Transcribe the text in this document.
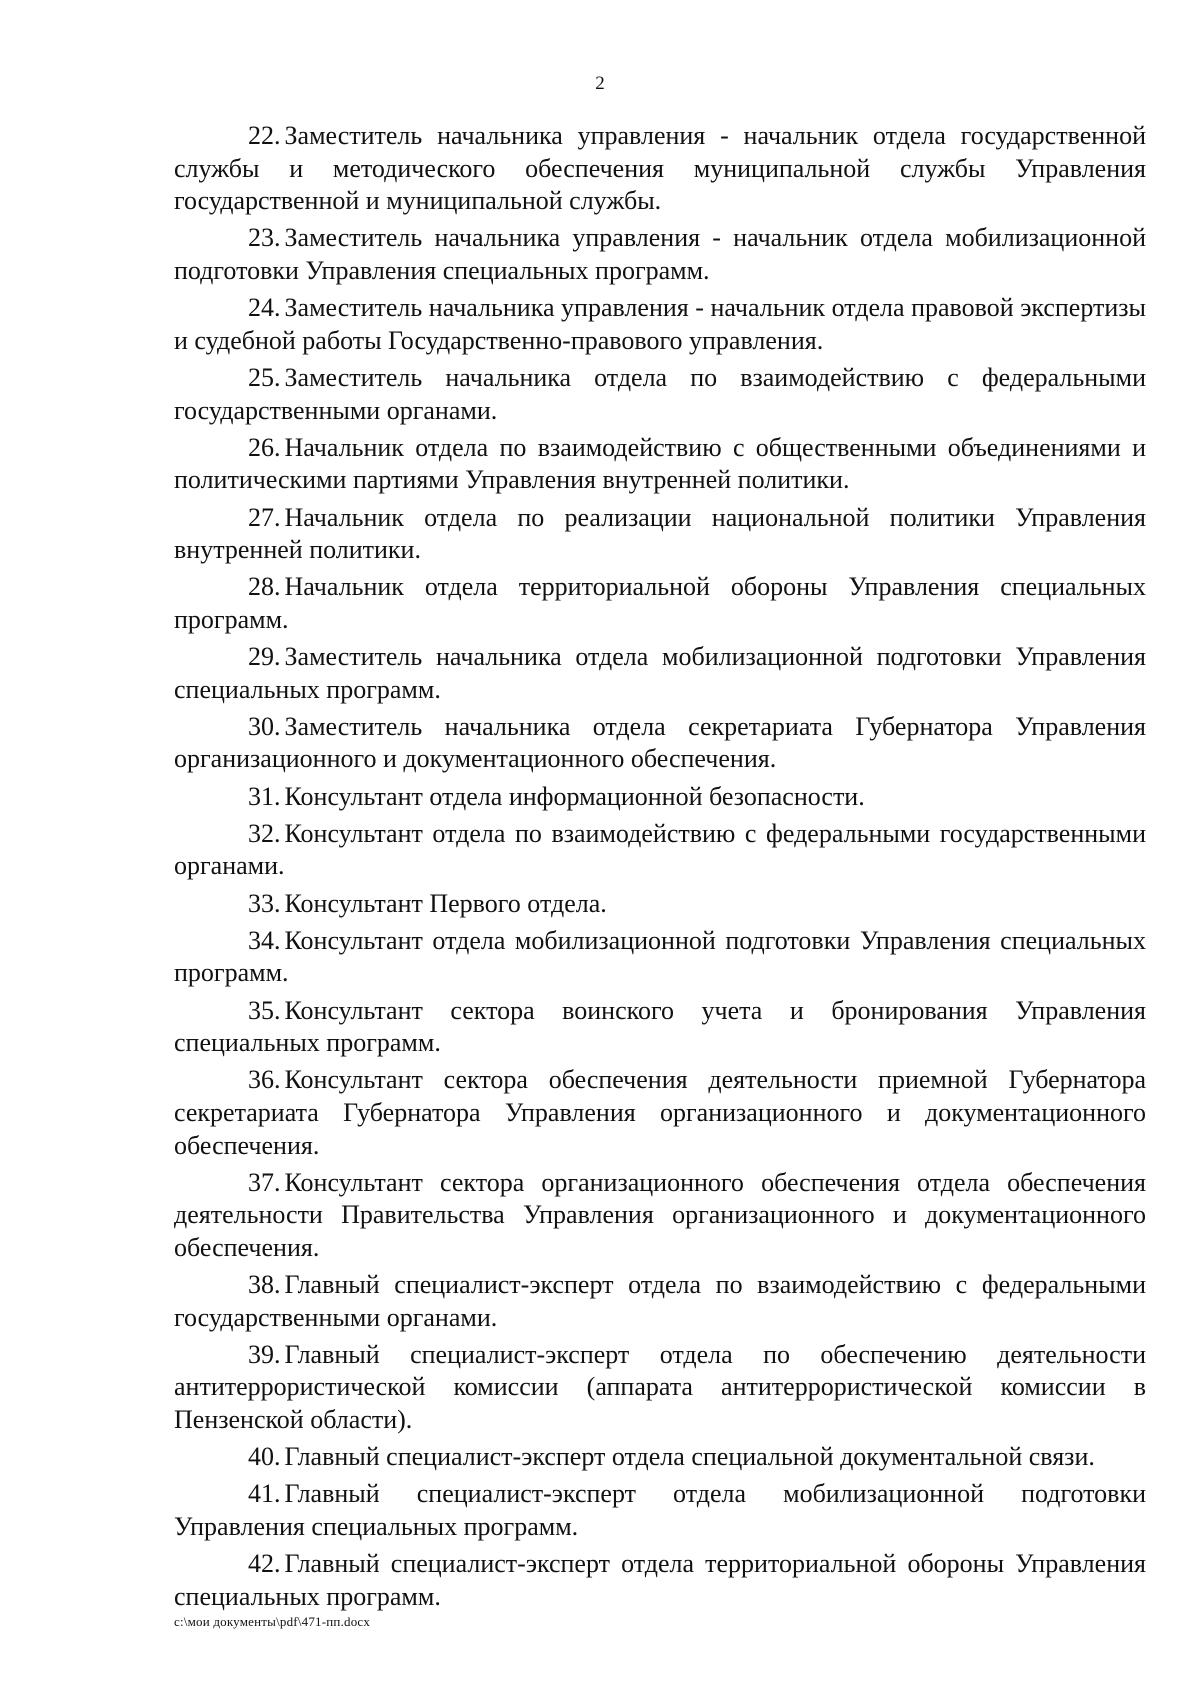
2

22. Заместитель начальника управления - начальник отдела государственной службы и методического обеспечения муниципальной службы Управления государственной и муниципальной службы.

23. Заместитель начальника управления - начальник отдела мобилизационной подготовки Управления специальных программ.

24. Заместитель начальника управления - начальник отдела правовой экспертизы и судебной работы Государственно-правового управления.

25. Заместитель начальника отдела по взаимодействию с федеральными государственными органами.

26. Начальник отдела по взаимодействию с общественными объединениями и политическими партиями Управления внутренней политики.

27. Начальник отдела по реализации национальной политики Управления внутренней политики.

28. Начальник отдела территориальной обороны Управления специальных программ.

29. Заместитель начальника отдела мобилизационной подготовки Управления специальных программ.

30. Заместитель начальника отдела секретариата Губернатора Управления организационного и документационного обеспечения.

31. Консультант отдела информационной безопасности.

32. Консультант отдела по взаимодействию с федеральными государственными органами.

33. Консультант Первого отдела.

34. Консультант отдела мобилизационной подготовки Управления специальных программ.

35. Консультант сектора воинского учета и бронирования Управления специальных программ.

36. Консультант сектора обеспечения деятельности приемной Губернатора секретариата Губернатора Управления организационного и документационного обеспечения.

37. Консультант сектора организационного обеспечения отдела обеспечения деятельности Правительства Управления организационного и документационного обеспечения.

38. Главный специалист-эксперт отдела по взаимодействию с федеральными государственными органами.

39. Главный специалист-эксперт отдела по обеспечению деятельности антитеррористической комиссии (аппарата антитеррористической комиссии в Пензенской области).

40. Главный специалист-эксперт отдела специальной документальной связи.

41. Главный специалист-эксперт отдела мобилизационной подготовки Управления специальных программ.

42. Главный специалист-эксперт отдела территориальной обороны Управления специальных программ.

c:\мои документы\pdf\471-пп.docx
